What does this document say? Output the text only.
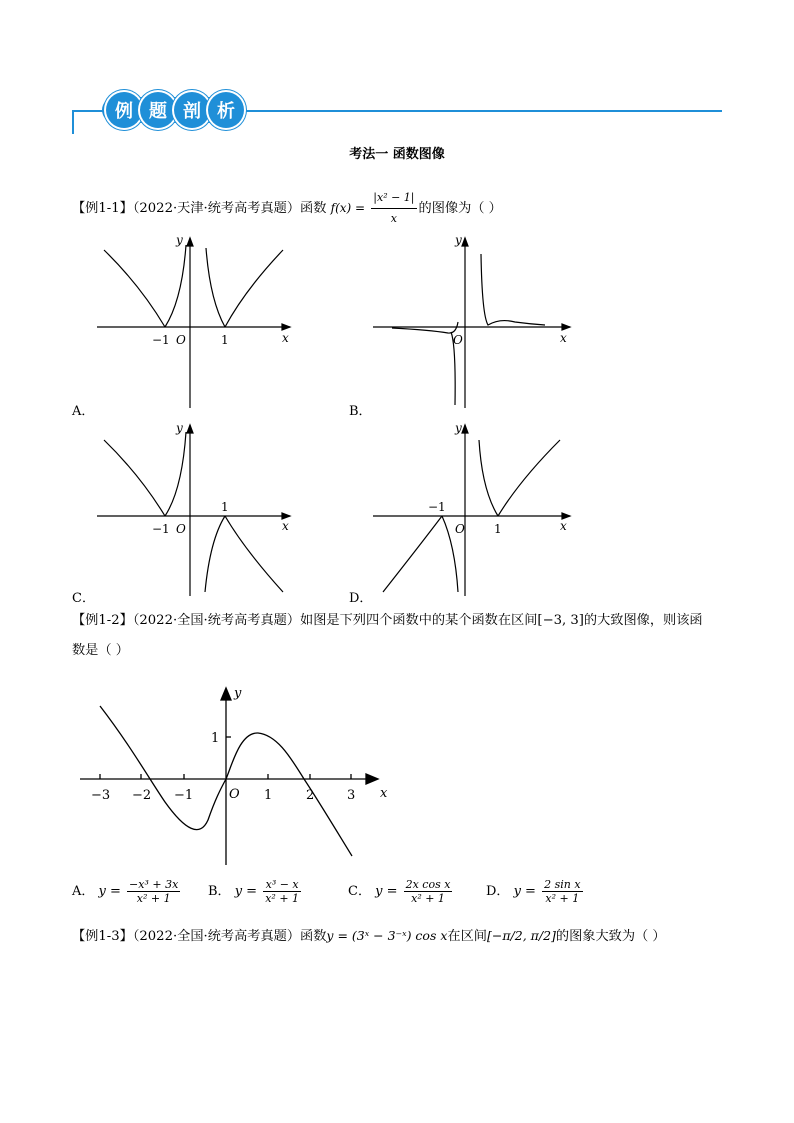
例 题 剖 析
考法一 函数图像
【例1-1】（2022·天津·统考高考真题）函数 $f(x) = \frac{\text{|x² − 1|}}{x}$ 的图像为（ ）
y
x
O
−1	1
y
x
O
y
x
O
−1
1
y
x
O
−1
1
y
x
O
−3 −2 −1	1	2	3
1
A．	B．
C．	D．
【例1-2】（2022·全国·统考高考真题）如图是下列四个函数中的某个函数在区间[−3, 3]的大致图像，则该函
数是（ ）
A． $y = \frac{\text{−x³ + 3x}}{\text{x² + 1}}$ B． $y = \frac{\text{x³ − x}}{\text{x² + 1}}$	C． $y = \frac{\text{2x cos x}}{\text{x² + 1}}$	D． $y = \frac{\text{2 sin x}}{\text{x² + 1}}$
【例1-3】（2022·全国·统考高考真题）函数y = (3ˣ − 3⁻ˣ) cos x在区间[−π/2, π/2]的图象大致为（ ）
